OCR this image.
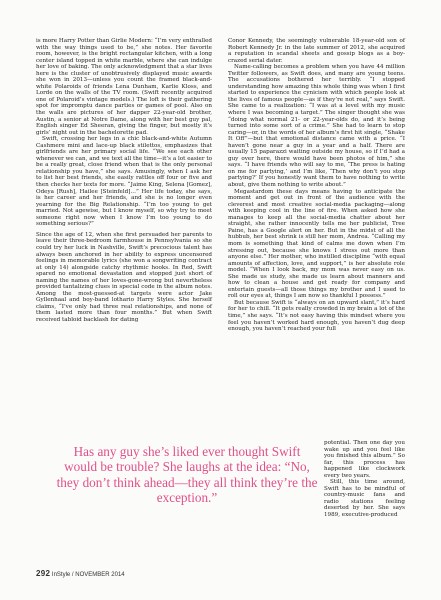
is more Harry Potter than Girlie Modern: “I’m very enthralled with the way things used to be,” she notes. Her favorite room, however, is the bright rectangular kitchen, with a long center island topped in white marble, where she can indulge her love of baking. The only acknowledgment that a star lives here is the cluster of unobtrusively displayed music awards she won in 2013—unless you count the framed black-and-white Polaroids of friends Lena Dunham, Karlie Kloss, and Lorde on the walls of the TV room. (Swift recently acquired one of Polaroid’s vintage models.) The loft is their gathering spot for impromptu dance parties or games of pool. Also on the walls are pictures of her dapper 22-year-old brother, Austin, a senior at Notre Dame, along with her best guy pal, English singer Ed Sheeran, giving the finger, but mostly it’s girls’ night out in the bachelorette pad.

Swift, crossing her legs in a chic black-and-white Autumn Cashmere mini and lace-up black stilettos, emphasizes that girlfriends are her primary social life. “We see each other whenever we can, and we text all the time—it’s a lot easier to be a really great, close friend when that is the only personal relationship you have,” she says. Amusingly, when I ask her to list her best friends, she easily rattles off four or five and then checks her texts for more. “Jaime King, Selena [Gomez], Odeya [Rush], Hailee [Steinfeld]…” Her life today, she says, is her career and her friends, and she is no longer even yearning for the Big Relationship. “I’m too young to get married. Not agewise, but I know myself, so why try to meet someone right now when I know I’m too young to do something serious?”

Since the age of 12, when she first persuaded her parents to leave their three-bedroom farmhouse in Pennsylvania so she could try her luck in Nashville, Swift’s precocious talent has always been anchored in her ability to express uncensored feelings in memorable lyrics (she won a songwriting contract at only 14) alongside catchy rhythmic hooks. In Red, Swift spared no emotional devastation and stopped just short of naming the names of her loves-gone-wrong but nevertheless provided tantalizing clues in special code in the album notes. Among the most-guessed-at targets were actor Jake Gyllenhaal and boy-band lothario Harry Styles. She herself claims, “I’ve only had three real relationships, and none of them lasted more than four months.” But when Swift received tabloid backlash for dating

Conor Kennedy, the seemingly vulnerable 18-year-old son of Robert Kennedy Jr. in the late summer of 2012, she acquired a reputation in scandal sheets and gossip blogs as a boy-crazed serial dater.

Name-calling becomes a problem when you have 44 million Twitter followers, as Swift does, and many are young teens. The accusations bothered her terribly. “I stopped understanding how amazing this whole thing was when I first started to experience the cynicism with which people look at the lives of famous people—as if they’re not real,” says Swift. She came to a realization: “I was at a level with my music where I was becoming a target.” The singer thought she was “doing what normal 21- or 22-year-olds do, and it’s being turned into some sort of a crime.” She had to learn to stop caring—or, in the words of her album’s first hit single, “Shake It Off”—but that emotional distance came with a price. “I haven’t gone near a guy in a year and a half. There are usually 15 paparazzi waiting outside my house, so if I’d had a guy over here, there would have been photos of him,” she says. “I have friends who will say to me, ‘The press is hating on me for partying,’ and I’m like, ‘Then why don’t you stop partying?’ If you honestly want them to have nothing to write about, give them nothing to write about.”

Megastardom these days means having to anticipate the moment and get out in front of the audience with the cleverest and most creative social-media packaging—along with keeping cool in the line of fire. When asked how she manages to keep all the social-media chatter about her straight, she rather innocently tells me her publicist, Tree Paine, has a Google alert on her. But in the midst of all the hubbub, her best shrink is still her mom, Andrea. “Calling my mom is something that kind of calms me down when I’m stressing out, because she knows I stress out more than anyone else.” Her mother, who instilled discipline “with equal amounts of affection, love, and support,” is her absolute role model. “When I look back, my mom was never easy on us. She made us study, she made us learn about manners and how to clean a house and get ready for company and entertain guests—all those things my brother and I used to roll our eyes at, things I am now so thankful I possess.”

But because Swift is “always on an upward slant,” it’s hard for her to chill. “It gets really crowded in my brain a lot of the time,” she says. “It’s not easy having this mindset where you feel you haven’t worked hard enough, you haven’t dug deep enough, you haven’t reached your full

potential. Then one day you wake up and you feel like you finished this album.” So far, this process has happened like clockwork every two years.

Still, this time around, Swift has to be mindful of country-music fans and radio stations feeling deserted by her. She says 1989, executive-produced

Has any guy she’s liked ever thought Swift would be trouble? She laughs at the idea: “No, they don’t think ahead—they all think they’re the exception.”
292 InStyle / NOVEMBER 2014
